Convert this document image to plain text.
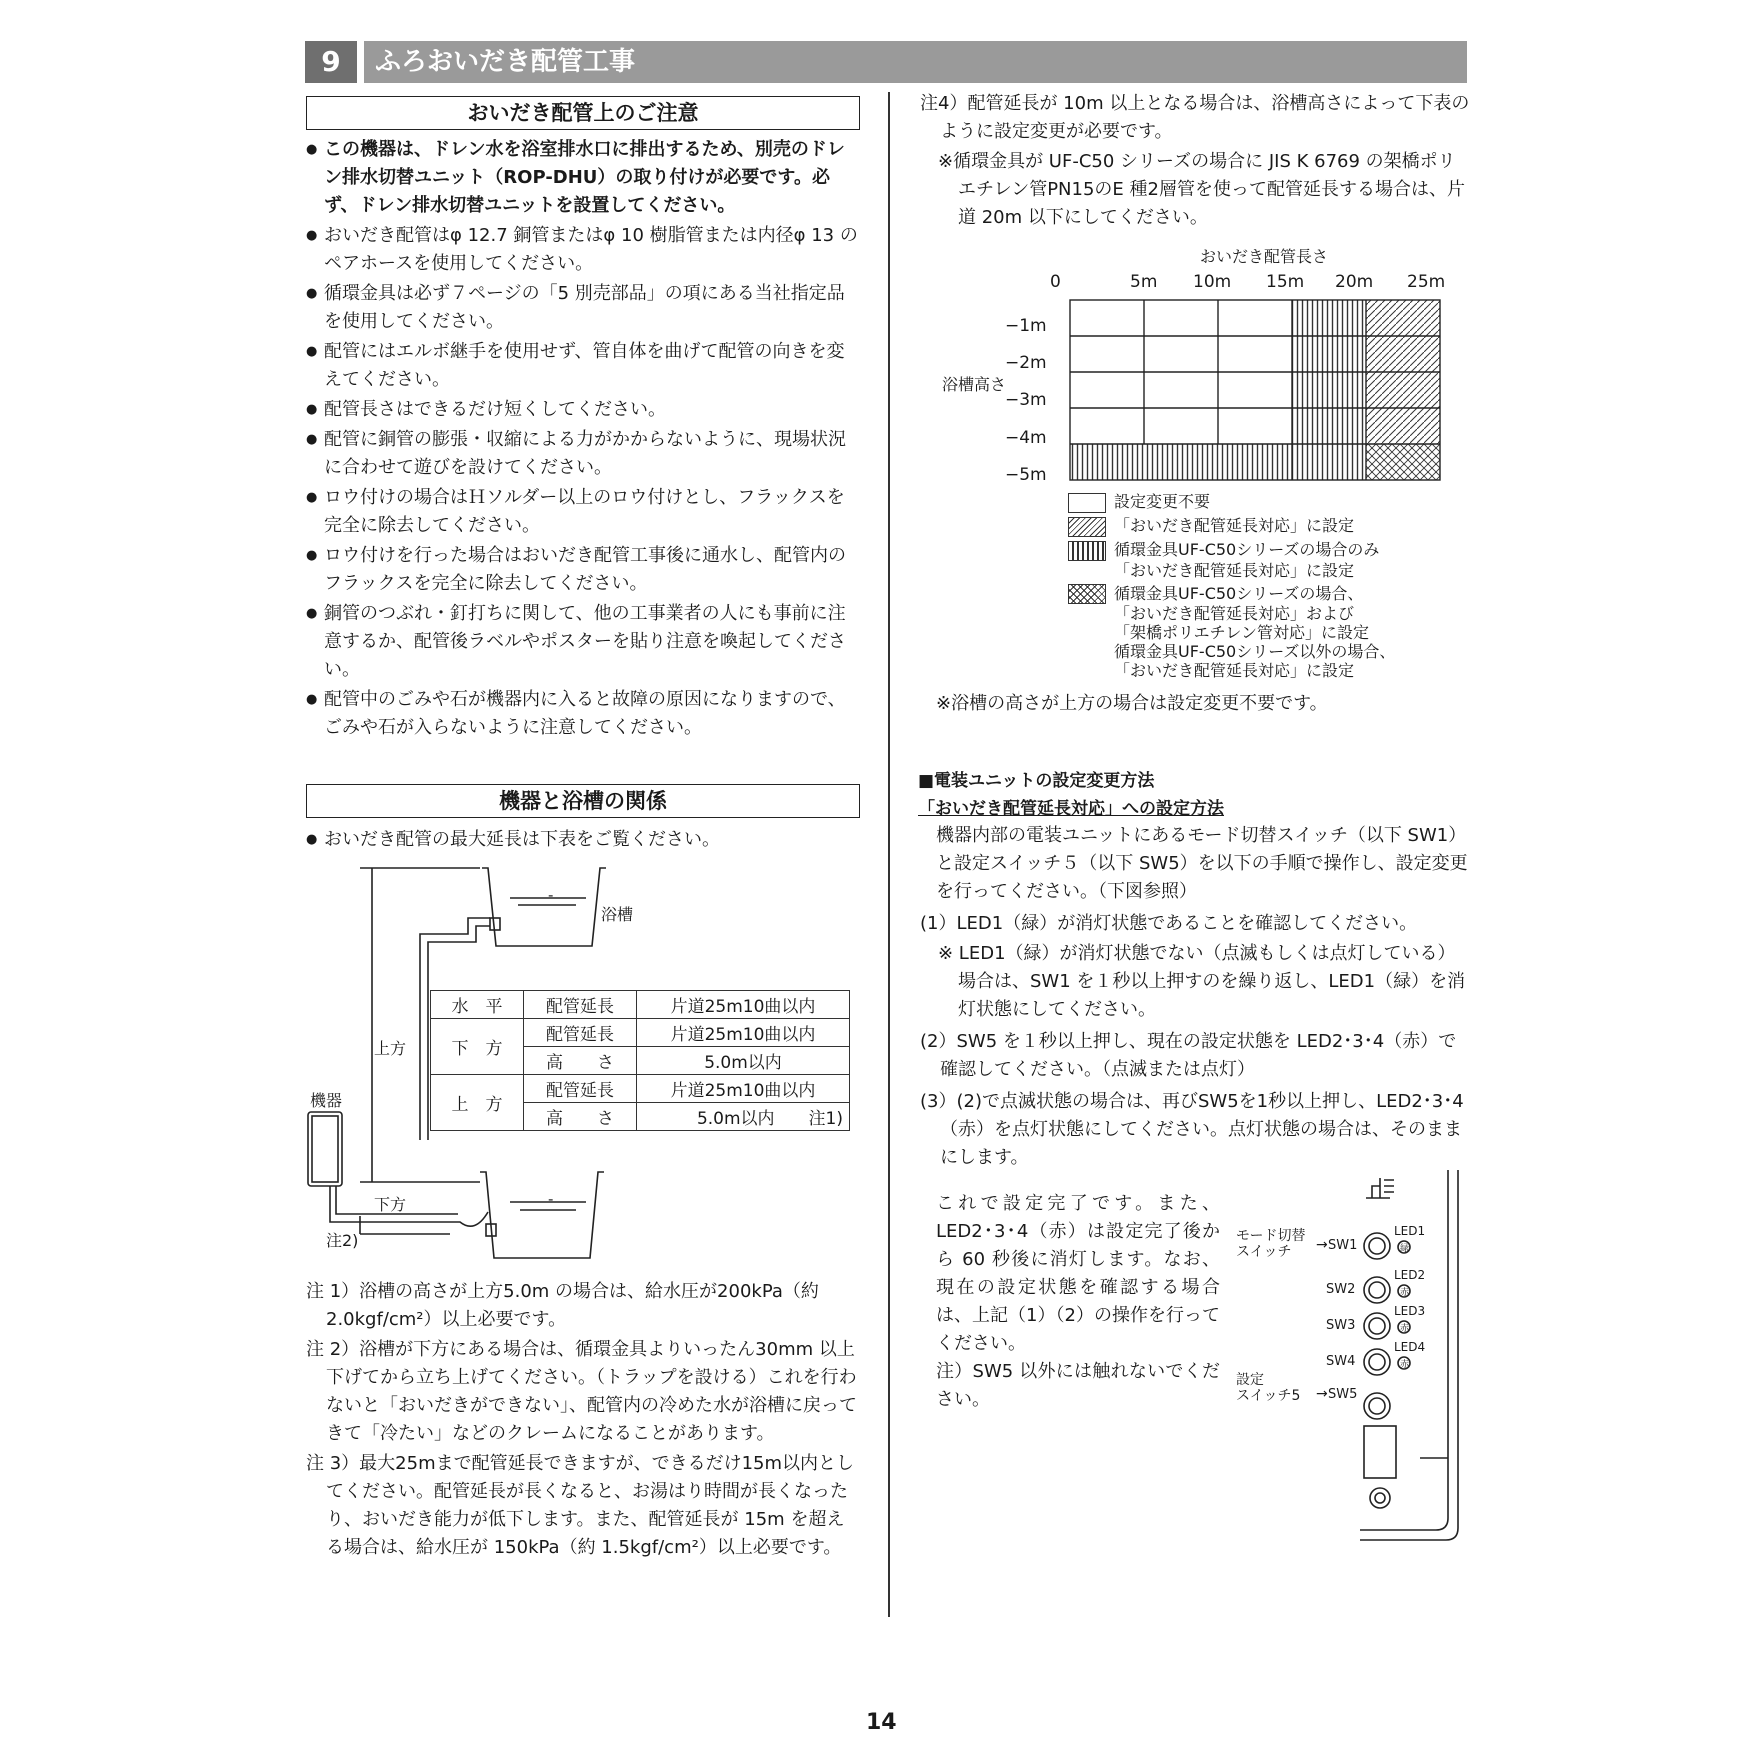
9	ふろおいだき配管工事
おいだき配管上のご注意

● この機器は、ドレン水を浴室排水口に排出するため、別売のドレン排水切替ユニット（ROP-DHU）の取り付けが必要です。必ず、ドレン排水切替ユニットを設置してください。

● おいだき配管はφ 12.7 銅管またはφ 10 樹脂管または内径φ 13 のペアホースを使用してください。

● 循環金具は必ず７ページの「5 別売部品」の項にある当社指定品を使用してください。

● 配管にはエルボ継手を使用せず、管自体を曲げて配管の向きを変えてください。

● 配管長さはできるだけ短くしてください。

● 配管に銅管の膨張・収縮による力がかからないように、現場状況に合わせて遊びを設けてください。

● ロウ付けの場合はＨソルダー以上のロウ付けとし、フラックスを完全に除去してください。

● ロウ付けを行った場合はおいだき配管工事後に通水し、配管内のフラックスを完全に除去してください。

● 銅管のつぶれ・釘打ちに関して、他の工事業者の人にも事前に注意するか、配管後ラベルやポスターを貼り注意を喚起してください。

● 配管中のごみや石が機器内に入ると故障の原因になりますので、ごみや石が入らないように注意してください。

機器と浴槽の関係

● おいだき配管の最大延長は下表をご覧ください。

-
-
浴槽
機器
上方
下方
注2)
水　平	配管延長	片道25m10曲以内
下　方	配管延長	片道25m10曲以内
	高　　さ	5.0m以内
上　方	配管延長	片道25m10曲以内
	高　　さ	5.0m以内　　注1)

注 1）浴槽の高さが上方5.0m の場合は、給水圧が200kPa（約2.0kgf/cm²）以上必要です。

注 2）浴槽が下方にある場合は、循環金具よりいったん30mm 以上下げてから立ち上げてください。（トラップを設ける）これを行わないと「おいだきができない」、配管内の冷めた水が浴槽に戻ってきて「冷たい」などのクレームになることがあります。

注 3）最大25mまで配管延長できますが、できるだけ15m以内としてください。配管延長が長くなると、お湯はり時間が長くなったり、おいだき能力が低下します。また、配管延長が 15m を超える場合は、給水圧が 150kPa（約 1.5kgf/cm²）以上必要です。

注4）配管延長が 10m 以上となる場合は、浴槽高さによって下表のように設定変更が必要です。

※循環金具が UF-C50 シリーズの場合に JIS K 6769 の架橋ポリエチレン管PN15のE 種2層管を使って配管延長する場合は、片道 20m 以下にしてください。

おいだき配管長さ
浴槽高さ
0	5m 10m 15m 20m 25m
−1m
−2m
−3m
−4m
−5m
設定変更不要
「おいだき配管延長対応」に設定
循環金具UF-C50シリーズの場合のみ
「おいだき配管延長対応」に設定
循環金具UF-C50シリーズの場合、
「おいだき配管延長対応」および
「架橋ポリエチレン管対応」に設定
循環金具UF-C50シリーズ以外の場合、
「おいだき配管延長対応」に設定
※浴槽の高さが上方の場合は設定変更不要です。
■電装ユニットの設定変更方法
「おいだき配管延長対応」への設定方法

機器内部の電装ユニットにあるモード切替スイッチ（以下 SW1）と設定スイッチ５（以下 SW5）を以下の手順で操作し、設定変更を行ってください。（下図参照）

(1）LED1（緑）が消灯状態であることを確認してください。

※ LED1（緑）が消灯状態でない（点滅もしくは点灯している）場合は、SW1 を１秒以上押すのを繰り返し、LED1（緑）を消灯状態にしてください。

(2）SW5 を１秒以上押し、現在の設定状態を LED2･3･4（赤）で確認してください。（点滅または点灯）

(3）(2)で点滅状態の場合は、再びSW5を1秒以上押し、LED2･3･4（赤）を点灯状態にしてください。点灯状態の場合は、そのままにします。

これで設定完了です。また、LED2･3･4（赤）は設定完了後から 60 秒後に消灯します。なお、現在の設定状態を確認する場合は、上記（1）（2）の操作を行ってください。

注）SW5 以外には触れないでください。

モード切替
スイッチ	→ SW1
SW2
SW3
SW4
設定
スイッチ5 → SW5
LED1
緑
LED2
赤
LED3
赤
LED4
赤
14
